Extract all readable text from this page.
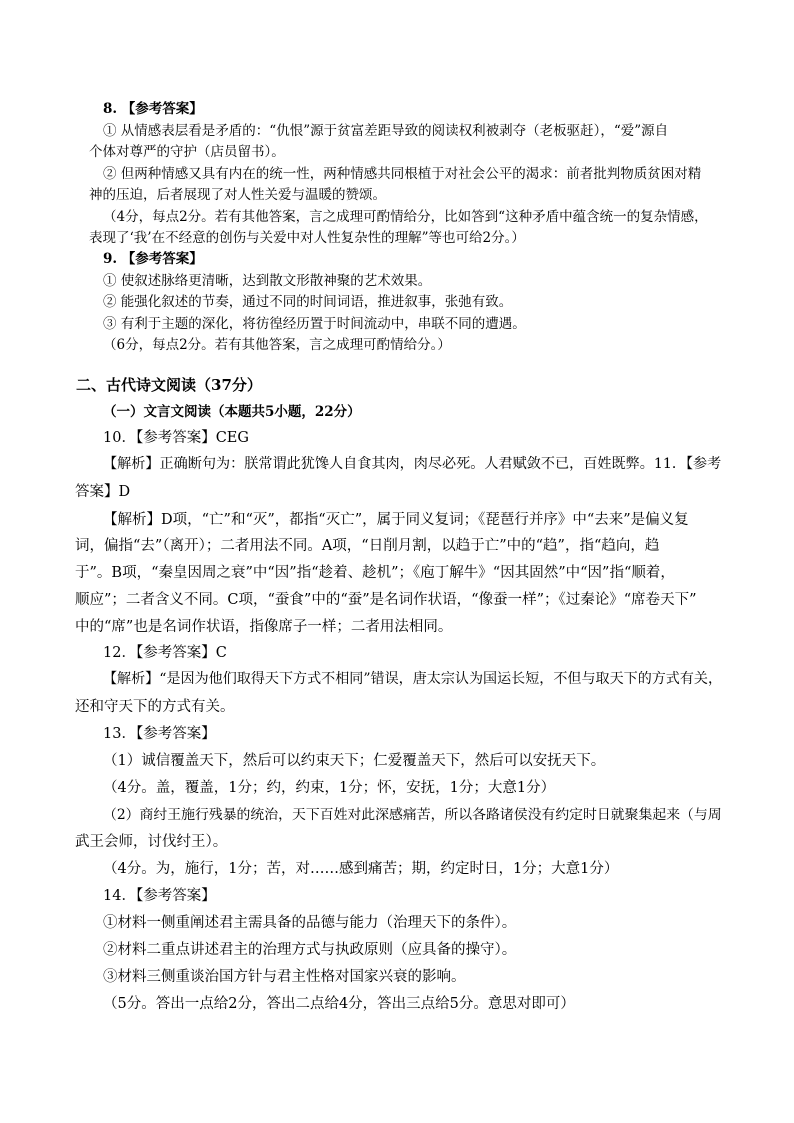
8. 【参考答案】
① 从情感表层看是矛盾的：“仇恨”源于贫富差距导致的阅读权利被剥夺（老板驱赶），“爱”源自
个体对尊严的守护（店员留书）。
② 但两种情感又具有内在的统一性，两种情感共同根植于对社会公平的渴求：前者批判物质贫困对精
神的压迫，后者展现了对人性关爱与温暖的赞颂。
（4分，每点2分。若有其他答案，言之成理可酌情给分，比如答到“这种矛盾中蕴含统一的复杂情感，
表现了‘我’在不经意的创伤与关爱中对人性复杂性的理解”等也可给2分。）
9. 【参考答案】
① 使叙述脉络更清晰，达到散文形散神聚的艺术效果。
② 能强化叙述的节奏，通过不同的时间词语，推进叙事，张弛有致。
③ 有利于主题的深化，将彷徨经历置于时间流动中，串联不同的遭遇。
（6分，每点2分。若有其他答案，言之成理可酌情给分。）
二、古代诗文阅读（37分）
（一）文言文阅读（本题共5小题，22分）
10．【参考答案】CEG
【解析】正确断句为：朕常谓此犹馋人自食其肉，肉尽必死。人君赋敛不已，百姓既弊。11．【参考
答案】D
【解析】D项，“亡”和“灭”，都指“灭亡”，属于同义复词；《琵琶行并序》中“去来”是偏义复
词，偏指“去”（离开）；二者用法不同。A项，“日削月割，以趋于亡”中的“趋”，指“趋向，趋
于”。B项，“秦皇因周之衰”中“因”指“趁着、趁机”；《庖丁解牛》“因其固然”中“因”指“顺着，
顺应”；二者含义不同。C项，“蚕食”中的“蚕”是名词作状语，“像蚕一样”；《过秦论》“席卷天下”
中的“席”也是名词作状语，指像席子一样；二者用法相同。
12．【参考答案】C
【解析】“是因为他们取得天下方式不相同”错误，唐太宗认为国运长短，不但与取天下的方式有关，
还和守天下的方式有关。
13．【参考答案】
（1）诚信覆盖天下，然后可以约束天下；仁爱覆盖天下，然后可以安抚天下。
（4分。盖，覆盖，1分；约，约束，1分；怀，安抚，1分；大意1分）
（2）商纣王施行残暴的统治，天下百姓对此深感痛苦，所以各路诸侯没有约定时日就聚集起来（与周
武王会师，讨伐纣王）。
（4分。为，施行，1分；苦，对……感到痛苦；期，约定时日，1分；大意1分）
14．【参考答案】
①材料一侧重阐述君主需具备的品德与能力（治理天下的条件）。
②材料二重点讲述君主的治理方式与执政原则（应具备的操守）。
③材料三侧重谈治国方针与君主性格对国家兴衰的影响。
（5分。答出一点给2分，答出二点给4分，答出三点给5分。意思对即可）
